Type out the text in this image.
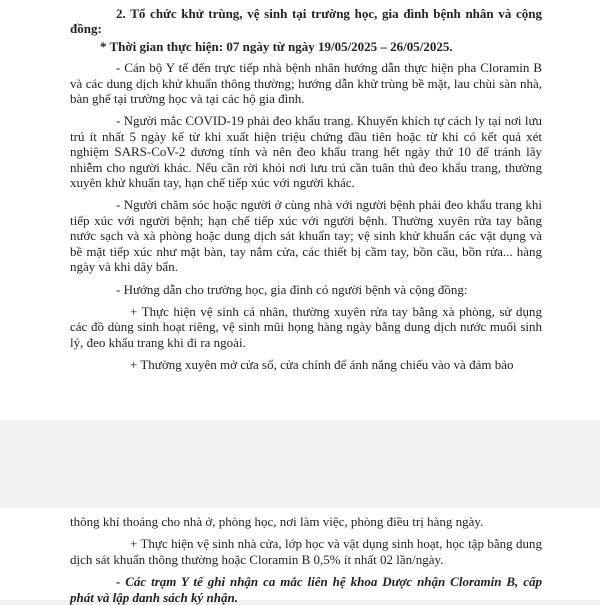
2. Tổ chức khử trùng, vệ sinh tại trường học, gia đình bệnh nhân và cộng đồng:

* Thời gian thực hiện: 07 ngày từ ngày 19/05/2025 – 26/05/2025.

- Cán bộ Y tế đến trực tiếp nhà bệnh nhân hướng dẫn thực hiện pha Cloramin B và các dung dịch khử khuẩn thông thường; hướng dẫn khử trùng bề mặt, lau chùi sàn nhà, bàn ghế tại trường học và tại các hộ gia đình.

- Người mắc COVID-19 phải đeo khẩu trang. Khuyến khích tự cách ly tại nơi lưu trú ít nhất 5 ngày kể từ khi xuất hiện triệu chứng đầu tiên hoặc từ khi có kết quả xét nghiệm SARS-CoV-2 dương tính và nên đeo khẩu trang hết ngày thứ 10 để tránh lây nhiễm cho người khác. Nếu cần rời khỏi nơi lưu trú cần tuân thủ đeo khẩu trang, thường xuyên khử khuẩn tay, hạn chế tiếp xúc với người khác.

- Người chăm sóc hoặc người ở cùng nhà với người bệnh phải đeo khẩu trang khi tiếp xúc với người bệnh; hạn chế tiếp xúc với người bệnh. Thường xuyên rửa tay bằng nước sạch và xà phòng hoặc dung dịch sát khuẩn tay; vệ sinh khử khuẩn các vật dụng và bề mặt tiếp xúc như mặt bàn, tay nắm cửa, các thiết bị cầm tay, bồn cầu, bồn rửa... hàng ngày và khi dây bẩn.

- Hướng dẫn cho trường học, gia đình có người bệnh và cộng đồng:

+ Thực hiện vệ sinh cá nhân, thường xuyên rửa tay bằng xà phòng, sử dụng các đồ dùng sinh hoạt riêng, vệ sinh mũi họng hàng ngày bằng dung dịch nước muối sinh lý, đeo khẩu trang khi đi ra ngoài.

+ Thường xuyên mở cửa sổ, cửa chính để ánh nắng chiếu vào và đảm bảo

thông khí thoáng cho nhà ở, phòng học, nơi làm việc, phòng điều trị hàng ngày.

+ Thực hiện vệ sinh nhà cửa, lớp học và vật dụng sinh hoạt, học tập bằng dung dịch sát khuẩn thông thường hoặc Cloramin B 0,5% ít nhất 02 lần/ngày.

- Các trạm Y tế ghi nhận ca mắc liên hệ khoa Dược nhận Cloramin B, cấp phát và lập danh sách ký nhận.
